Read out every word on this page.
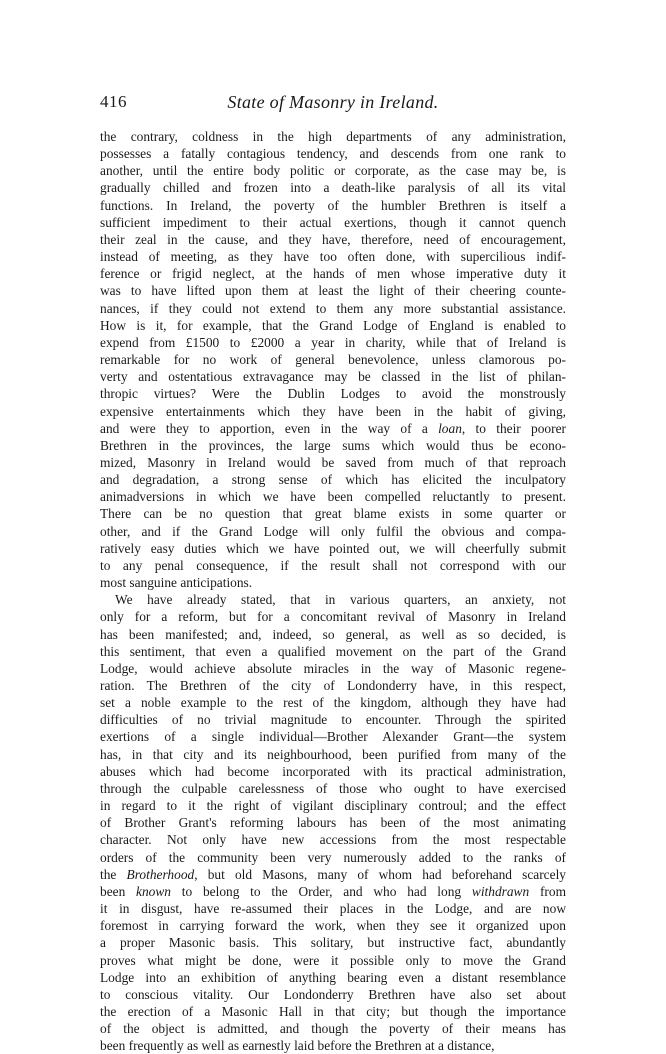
416	State of Masonry in Ireland.
the contrary, coldness in the high departments of any administration,
possesses a fatally contagious tendency, and descends from one rank to
another, until the entire body politic or corporate, as the case may be, is
gradually chilled and frozen into a death-like paralysis of all its vital
functions. In Ireland, the poverty of the humbler Brethren is itself a
sufficient impediment to their actual exertions, though it cannot quench
their zeal in the cause, and they have, therefore, need of encouragement,
instead of meeting, as they have too often done, with supercilious indif-
ference or frigid neglect, at the hands of men whose imperative duty it
was to have lifted upon them at least the light of their cheering counte-
nances, if they could not extend to them any more substantial assistance.
How is it, for example, that the Grand Lodge of England is enabled to
expend from £1500 to £2000 a year in charity, while that of Ireland is
remarkable for no work of general benevolence, unless clamorous po-
verty and ostentatious extravagance may be classed in the list of philan-
thropic virtues? Were the Dublin Lodges to avoid the monstrously
expensive entertainments which they have been in the habit of giving,
and were they to apportion, even in the way of a loan, to their poorer
Brethren in the provinces, the large sums which would thus be econo-
mized, Masonry in Ireland would be saved from much of that reproach
and degradation, a strong sense of which has elicited the inculpatory
animadversions in which we have been compelled reluctantly to present.
There can be no question that great blame exists in some quarter or
other, and if the Grand Lodge will only fulfil the obvious and compa-
ratively easy duties which we have pointed out, we will cheerfully submit
to any penal consequence, if the result shall not correspond with our
most sanguine anticipations.
We have already stated, that in various quarters, an anxiety, not
only for a reform, but for a concomitant revival of Masonry in Ireland
has been manifested; and, indeed, so general, as well as so decided, is
this sentiment, that even a qualified movement on the part of the Grand
Lodge, would achieve absolute miracles in the way of Masonic regene-
ration. The Brethren of the city of Londonderry have, in this respect,
set a noble example to the rest of the kingdom, although they have had
difficulties of no trivial magnitude to encounter. Through the spirited
exertions of a single individual—Brother Alexander Grant—the system
has, in that city and its neighbourhood, been purified from many of the
abuses which had become incorporated with its practical administration,
through the culpable carelessness of those who ought to have exercised
in regard to it the right of vigilant disciplinary controul; and the effect
of Brother Grant's reforming labours has been of the most animating
character. Not only have new accessions from the most respectable
orders of the community been very numerously added to the ranks of
the Brotherhood, but old Masons, many of whom had beforehand scarcely
been known to belong to the Order, and who had long withdrawn from
it in disgust, have re-assumed their places in the Lodge, and are now
foremost in carrying forward the work, when they see it organized upon
a proper Masonic basis. This solitary, but instructive fact, abundantly
proves what might be done, were it possible only to move the Grand
Lodge into an exhibition of anything bearing even a distant resemblance
to conscious vitality. Our Londonderry Brethren have also set about
the erection of a Masonic Hall in that city; but though the importance
of the object is admitted, and though the poverty of their means has
been frequently as well as earnestly laid before the Brethren at a distance,
